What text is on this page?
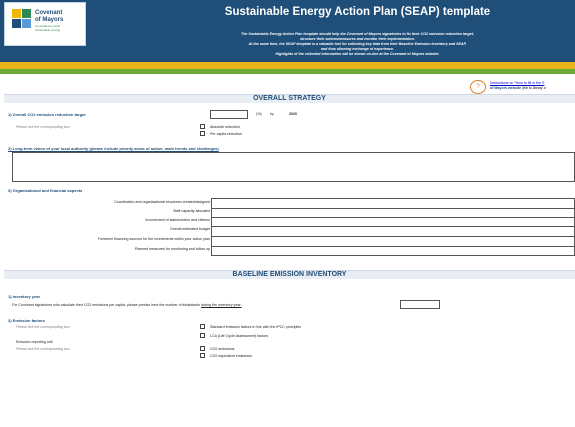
Covenant
of Mayors
Committed to local
sustainable energy
Sustainable Energy Action Plan (SEAP) template
The Sustainable Energy Action Plan template should help the Covenant of Mayors signatories to fix their CO2 emission reduction target,
structure their actions/measures and monitor their implementation.
At the same time, the SEAP template is a valuable tool for collecting key data from their Baseline Emission Inventory and SEAP,
and thus allowing exchange of experience.
Highlights of the collected information will be shown on-line at the Covenant of Mayors website.
?
Instructions on "How to fill in the S
of Mayors website (file to library o
OVERALL STRATEGY
1) Overall CO2 emission reduction target	(%) by	2020
Please tick the corresponding box	Absolute reduction
Per capita reduction
2) Long-term vision of your local authority (please include priority areas of action, main trends and challenges)
3) Organisational and financial aspects
Coordination and organisational structures created/assigned
Staff capacity allocated
Involvement of stakeholders and citizens
Overall estimated budget
Foreseen financing sources for the investments within your action plan
Planned measures for monitoring and follow up
BASELINE EMISSION INVENTORY
1) Inventory year
For Covenant signatories who calculate their CO2 emissions per capita, please precise here the number of inhabitants during the inventory year:
2) Emission factors
Please tick the corresponding box	Standard emission factors in line with the IPCC principles
LCA (Life Cycle Assessment) factors
Emission reporting unit
Please tick the corresponding box	CO2 emissions
CO2 equivalent emissions
